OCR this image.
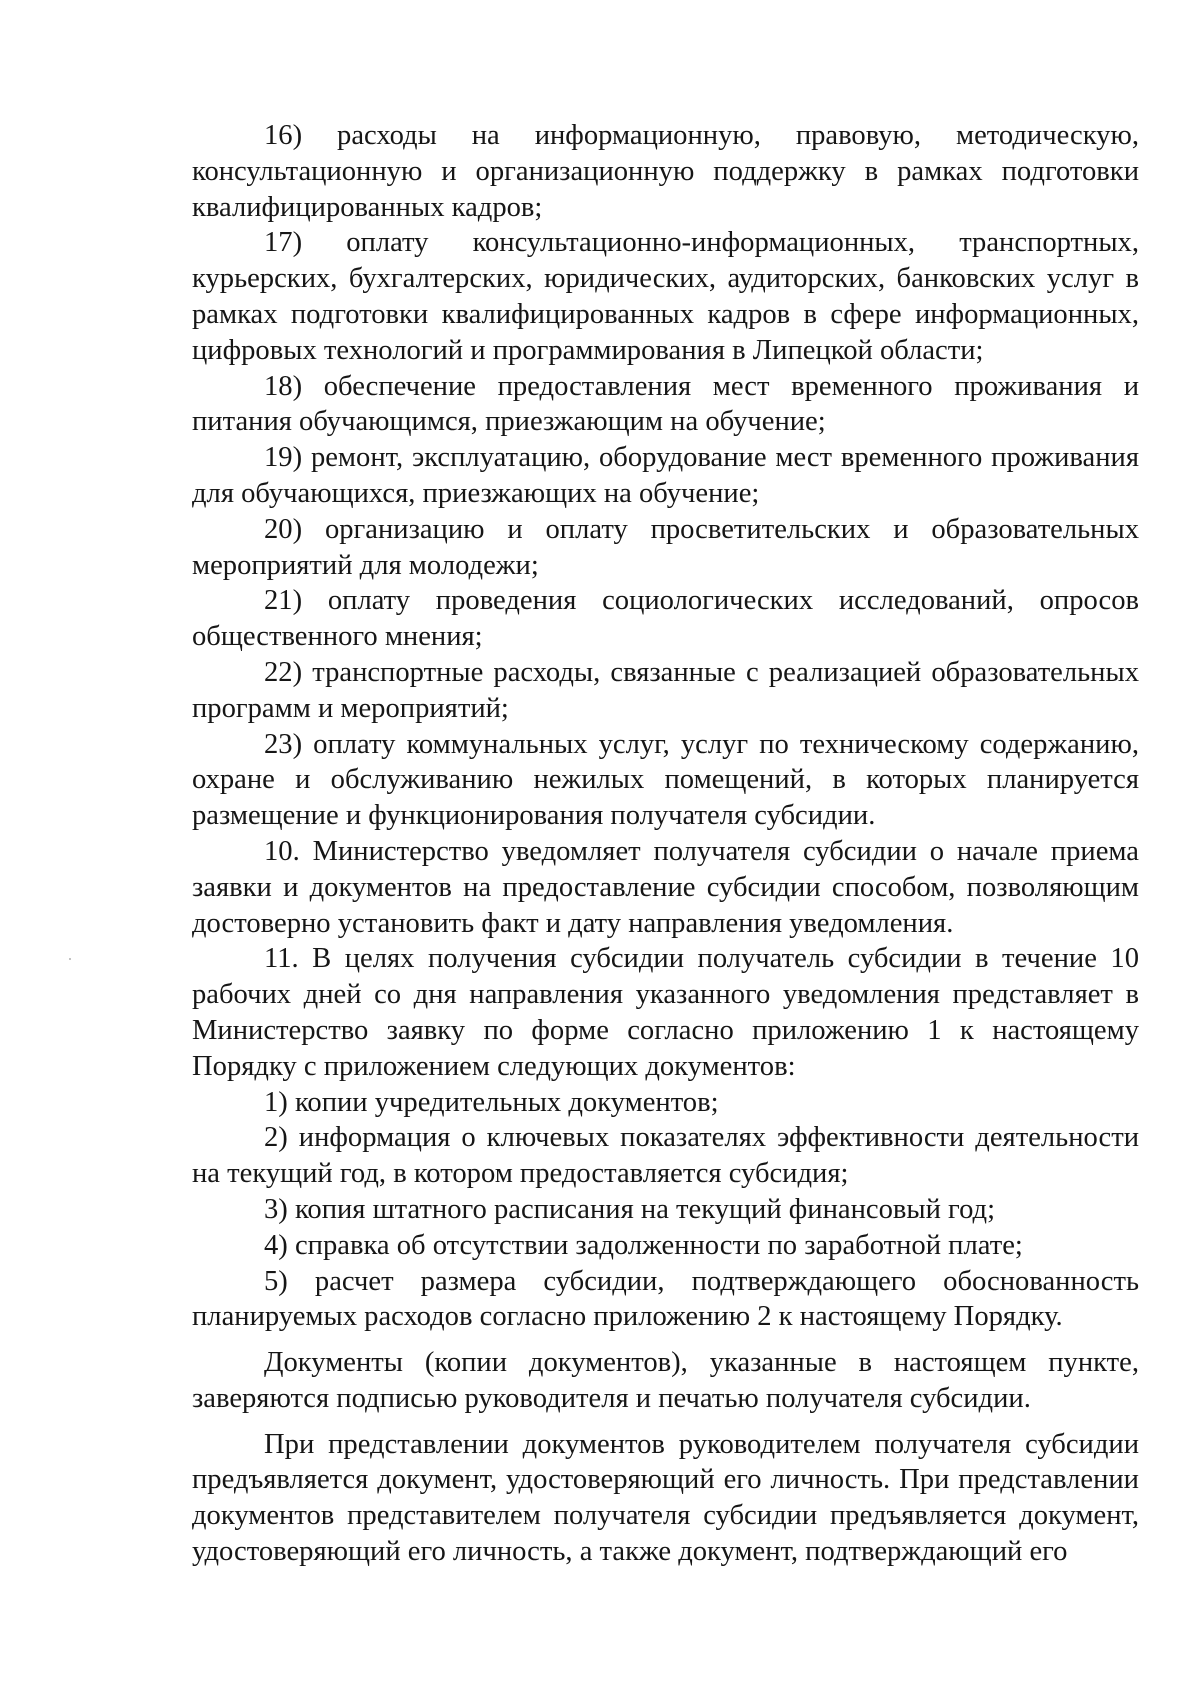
16) расходы на информационную, правовую, методическую, консультационную и организационную поддержку в рамках подготовки квалифицированных кадров;

17) оплату консультационно-информационных, транспортных, курьерских, бухгалтерских, юридических, аудиторских, банковских услуг в рамках подготовки квалифицированных кадров в сфере информационных, цифровых технологий и программирования в Липецкой области;

18) обеспечение предоставления мест временного проживания и питания обучающимся, приезжающим на обучение;

19) ремонт, эксплуатацию, оборудование мест временного проживания для обучающихся, приезжающих на обучение;

20) организацию и оплату просветительских и образовательных мероприятий для молодежи;

21) оплату проведения социологических исследований, опросов общественного мнения;

22) транспортные расходы, связанные с реализацией образовательных программ и мероприятий;

23) оплату коммунальных услуг, услуг по техническому содержанию, охране и обслуживанию нежилых помещений, в которых планируется размещение и функционирования получателя субсидии.

10. Министерство уведомляет получателя субсидии о начале приема заявки и документов на предоставление субсидии способом, позволяющим достоверно установить факт и дату направления уведомления.

11. В целях получения субсидии получатель субсидии в течение 10 рабочих дней со дня направления указанного уведомления представляет в Министерство заявку по форме согласно приложению 1 к настоящему Порядку с приложением следующих документов:

1) копии учредительных документов;

2) информация о ключевых показателях эффективности деятельности на текущий год, в котором предоставляется субсидия;

3) копия штатного расписания на текущий финансовый год;

4) справка об отсутствии задолженности по заработной плате;

5) расчет размера субсидии, подтверждающего обоснованность планируемых расходов согласно приложению 2 к настоящему Порядку.

Документы (копии документов), указанные в настоящем пункте, заверяются подписью руководителя и печатью получателя субсидии.

При представлении документов руководителем получателя субсидии предъявляется документ, удостоверяющий его личность. При представлении документов представителем получателя субсидии предъявляется документ, удостоверяющий его личность, а также документ, подтверждающий его
